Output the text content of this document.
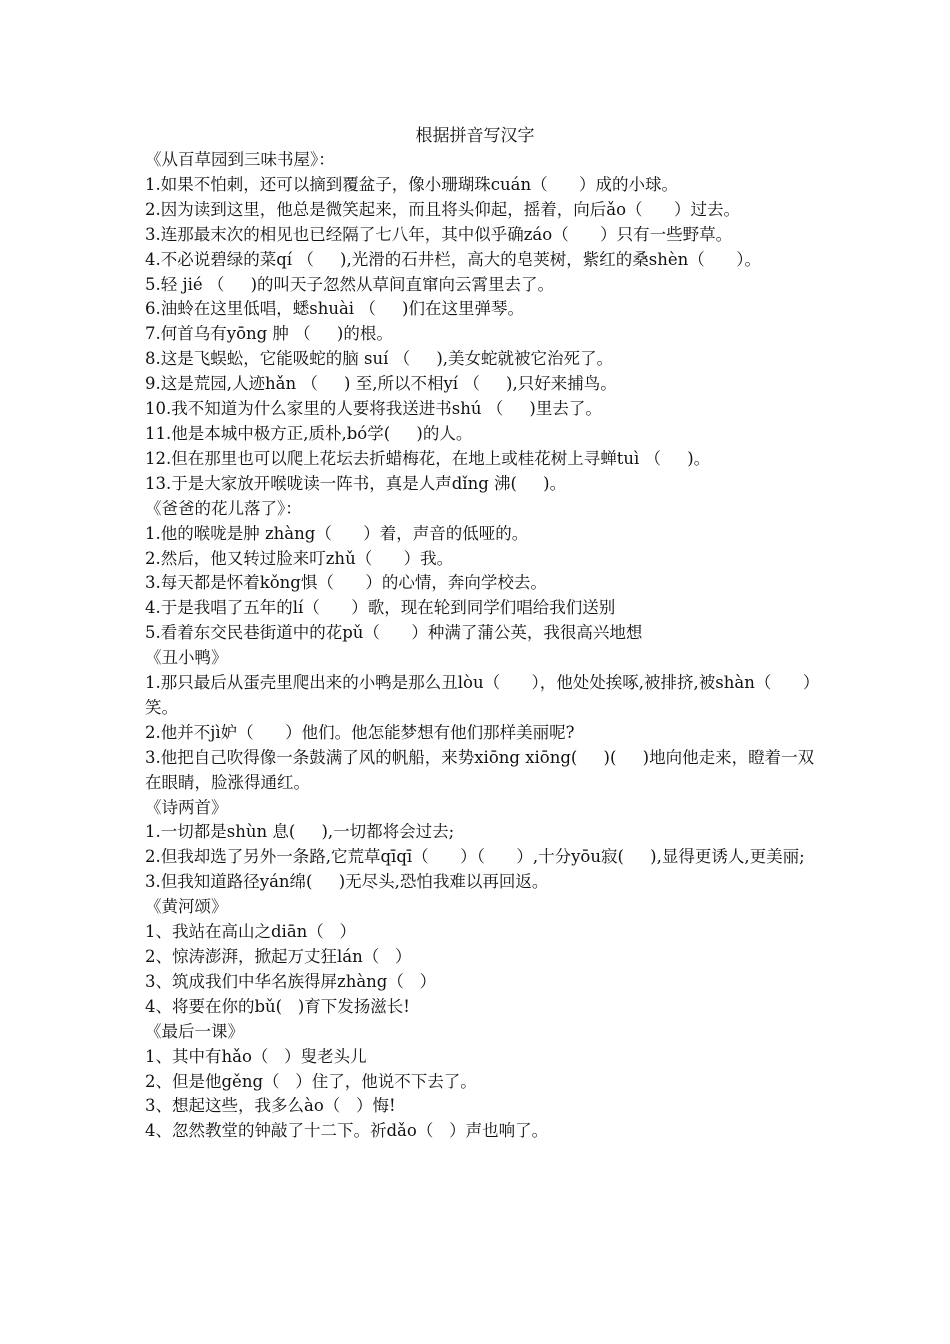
根据拼音写汉字
《从百草园到三味书屋》：
1.如果不怕刺，还可以摘到覆盆子，像小珊瑚珠cuán（      ）成的小球。
2.因为读到这里，他总是微笑起来，而且将头仰起，摇着，向后ǎo（      ）过去。
3.连那最末次的相见也已经隔了七八年，其中似乎确záo（      ）只有一些野草。
4.不必说碧绿的菜qí （     ),光滑的石井栏，高大的皂荚树，紫红的桑shèn（      ）。
5.轻 jié （     )的叫天子忽然从草间直窜向云霄里去了。
6.油蛉在这里低唱，蟋shuài （     )们在这里弹琴。
7.何首乌有yōng 肿 （     )的根。
8.这是飞蜈蚣，它能吸蛇的脑 suí （     ),美女蛇就被它治死了。
9.这是荒园,人迹hǎn （     ) 至,所以不相yí （     ),只好来捕鸟。
10.我不知道为什么家里的人要将我送进书shú （     )里去了。
11.他是本城中极方正,质朴,bó学(     )的人。
12.但在那里也可以爬上花坛去折蜡梅花，在地上或桂花树上寻蝉tuì （     )。
13.于是大家放开喉咙读一阵书，真是人声dǐng 沸(     )。
《爸爸的花儿落了》：
1.他的喉咙是肿 zhàng（      ）着，声音的低哑的。
2.然后，他又转过脸来叮zhǔ（      ）我。
3.每天都是怀着kǒng惧（      ）的心情，奔向学校去。
4.于是我唱了五年的lí（      ）歌，现在轮到同学们唱给我们送别
5.看着东交民巷街道中的花pǔ（      ）种满了蒲公英，我很高兴地想
《丑小鸭》
1.那只最后从蛋壳里爬出来的小鸭是那么丑lòu（      ），他处处挨啄,被排挤,被shàn（      ）笑。
2.他并不jì妒（      ）他们。他怎能梦想有他们那样美丽呢?
3.他把自己吹得像一条鼓满了风的帆船，来势xiōng xiōng(     )(     )地向他走来，瞪着一双在眼睛，脸涨得通红。
《诗两首》
1.一切都是shùn 息(     ),一切都将会过去;
2.但我却选了另外一条路,它荒草qīqī（      ）（      ）,十分yōu寂(     ),显得更诱人,更美丽;
3.但我知道路径yán绵(     )无尽头,恐怕我难以再回返。
《黄河颂》
1、我站在高山之diān（   ）
2、惊涛澎湃，掀起万丈狂lán（   ）
3、筑成我们中华名族得屏zhàng（   ）
4、将要在你的bǔ(   )育下发扬滋长!
《最后一课》
1、其中有hǎo（   ）叟老头儿
2、但是他gěng（   ）住了，他说不下去了。
3、想起这些，我多么ào（   ）悔!
4、忽然教堂的钟敲了十二下。祈dǎo（   ）声也响了。
